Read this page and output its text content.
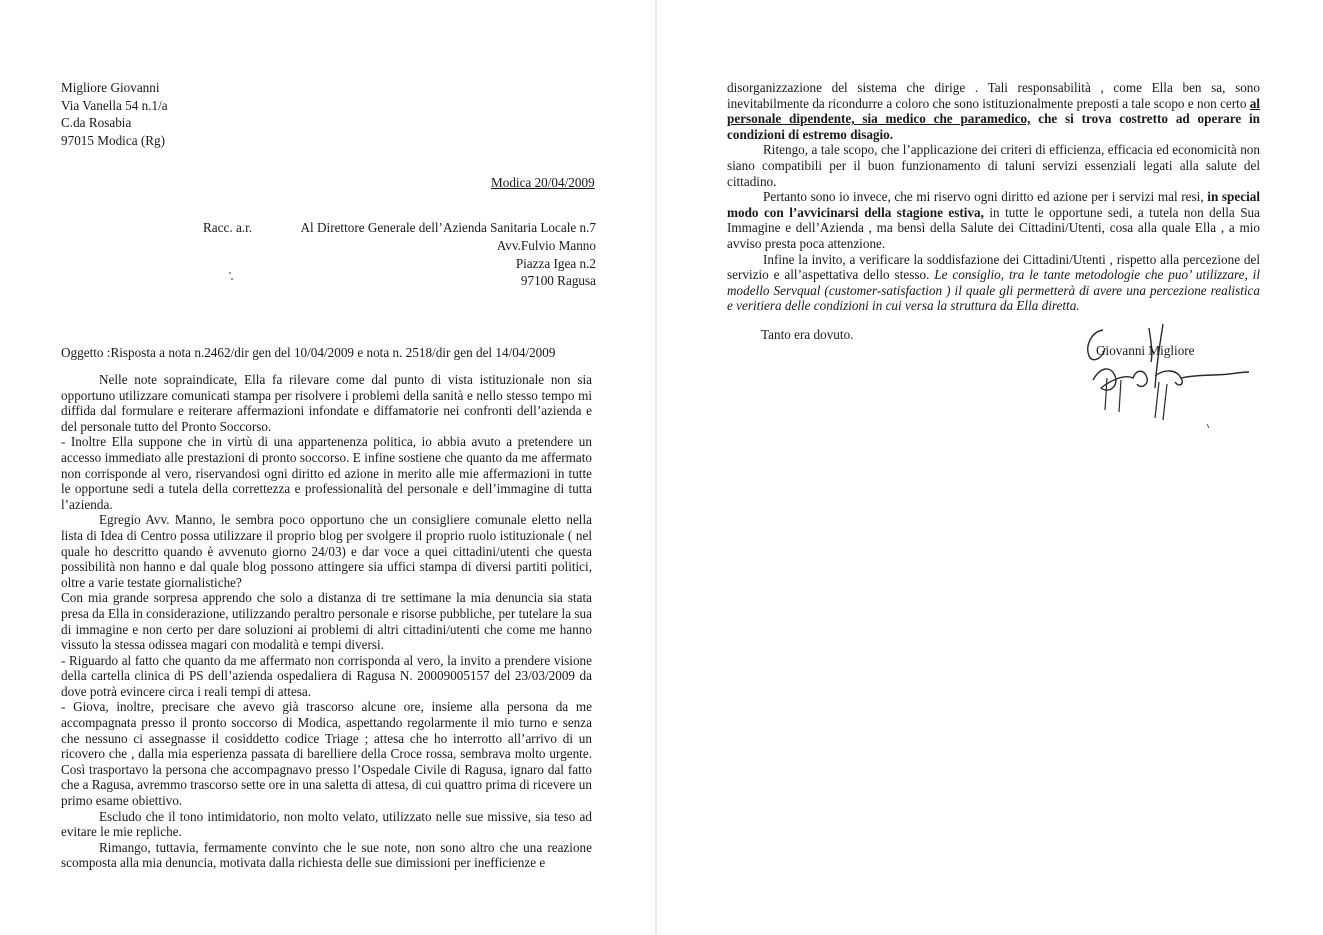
Migliore Giovanni
Via Vanella 54 n.1/a
C.da Rosabia
97015 Modica (Rg)
Modica 20/04/2009
Racc. a.r.	Al Direttore Generale dell’Azienda Sanitaria Locale n.7
Avv.Fulvio Manno
Piazza Igea n.2
97100 Ragusa
Oggetto :Risposta a nota n.2462/dir gen del 10/04/2009 e nota n. 2518/dir gen del 14/04/2009

Nelle note sopraindicate, Ella fa rilevare come dal punto di vista istituzionale non sia opportuno utilizzare comunicati stampa per risolvere i problemi della sanità e nello stesso tempo mi diffida dal formulare e reiterare affermazioni infondate e diffamatorie nei confronti dell’azienda e del personale tutto del Pronto Soccorso.

- Inoltre Ella suppone che in virtù di una appartenenza politica, io abbia avuto a pretendere un accesso immediato alle prestazioni di pronto soccorso. E infine sostiene che quanto da me affermato non corrisponde al vero, riservandosi ogni diritto ed azione in merito alle mie affermazioni in tutte le opportune sedi a tutela della correttezza e professionalità del personale e dell’immagine di tutta l’azienda.

Egregio Avv. Manno, le sembra poco opportuno che un consigliere comunale eletto nella lista di Idea di Centro possa utilizzare il proprio blog per svolgere il proprio ruolo istituzionale ( nel quale ho descritto quando è avvenuto giorno 24/03) e dar voce a quei cittadini/utenti che questa possibilità non hanno e dal quale blog possono attingere sia uffici stampa di diversi partiti politici, oltre a varie testate giornalistiche?

Con mia grande sorpresa apprendo che solo a distanza di tre settimane la mia denuncia sia stata presa da Ella in considerazione, utilizzando peraltro personale e risorse pubbliche, per tutelare la sua di immagine e non certo per dare soluzioni ai problemi di altri cittadini/utenti che come me hanno vissuto la stessa odissea magari con modalità e tempi diversi.

- Riguardo al fatto che quanto da me affermato non corrisponda al vero, la invito a prendere visione della cartella clinica di PS dell’azienda ospedaliera di Ragusa N. 20009005157 del 23/03/2009 da dove potrà evincere circa i reali tempi di attesa.

- Giova, inoltre, precisare che avevo già trascorso alcune ore, insieme alla persona da me accompagnata presso il pronto soccorso di Modica, aspettando regolarmente il mio turno e senza che nessuno ci assegnasse il cosiddetto codice Triage ; attesa che ho interrotto all’arrivo di un ricovero che , dalla mia esperienza passata di barelliere della Croce rossa, sembrava molto urgente. Così trasportavo la persona che accompagnavo presso l’Ospedale Civile di Ragusa, ignaro dal fatto che a Ragusa, avremmo trascorso sette ore in una saletta di attesa, di cui quattro prima di ricevere un primo esame obiettivo.

Escludo che il tono intimidatorio, non molto velato, utilizzato nelle sue missive, sia teso ad evitare le mie repliche.

Rimango, tuttavia, fermamente convinto che le sue note, non sono altro che una reazione scomposta alla mia denuncia, motivata dalla richiesta delle sue dimissioni per inefficienze e

disorganizzazione del sistema che dirige . Tali responsabilità , come Ella ben sa, sono inevitabilmente da ricondurre a coloro che sono istituzionalmente preposti a tale scopo e non certo al personale dipendente, sia medico che paramedico, che si trova costretto ad operare in condizioni di estremo disagio.

Ritengo, a tale scopo, che l’applicazione dei criteri di efficienza, efficacia ed economicità non siano compatibili per il buon funzionamento di taluni servizi essenziali legati alla salute del cittadino.

Pertanto sono io invece, che mi riservo ogni diritto ed azione per i servizi mal resi, in special modo con l’avvicinarsi della stagione estiva, in tutte le opportune sedi, a tutela non della Sua Immagine e dell’Azienda , ma bensì della Salute dei Cittadini/Utenti, cosa alla quale Ella , a mio avviso presta poca attenzione.

Infine la invito, a verificare la soddisfazione dei Cittadini/Utenti , rispetto alla percezione del servizio e all’aspettativa dello stesso. Le consiglio, tra le tante metodologie che puo’ utilizzare, il modello Servqual (customer-satisfaction ) il quale gli permetterà di avere una percezione realistica e veritiera delle condizioni in cui versa la struttura da Ella diretta.

Tanto era dovuto.
Giovanni Migliore
